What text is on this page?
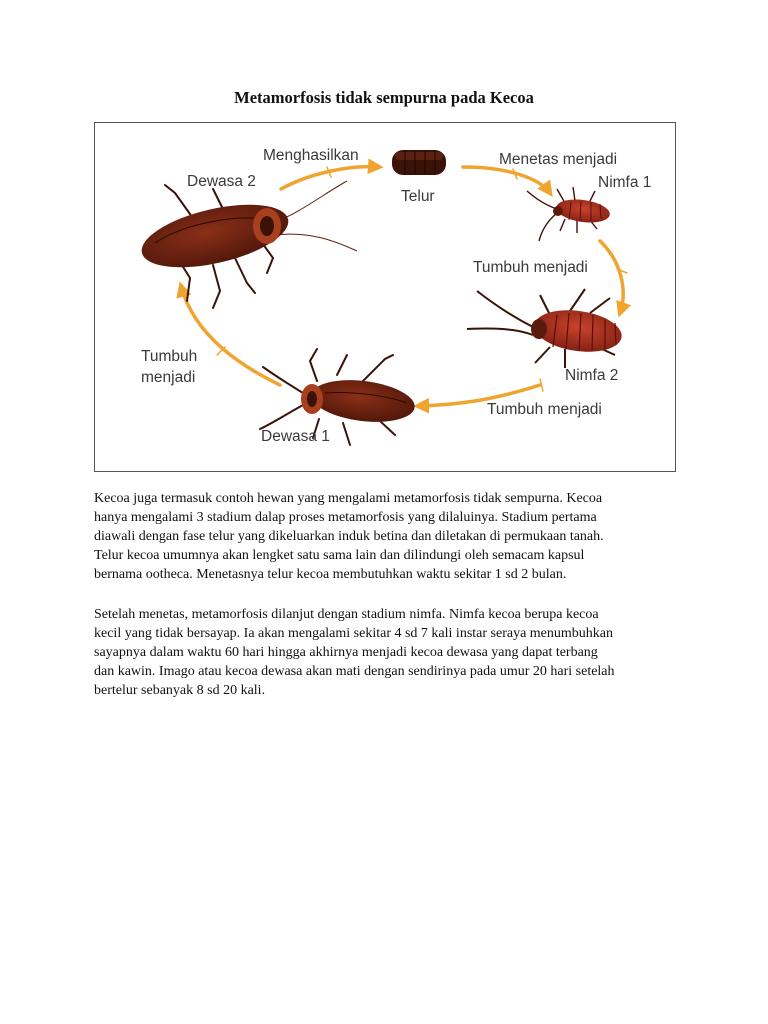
Metamorfosis tidak sempurna pada Kecoa
Menghasilkan
Dewasa 2
Telur
Menetas menjadi
Nimfa 1
Tumbuh menjadi
Nimfa 2
Tumbuh menjadi
Dewasa 1
Tumbuh
menjadi
Kecoa juga termasuk contoh hewan yang mengalami metamorfosis tidak sempurna. Kecoa
hanya mengalami 3 stadium dalap proses metamorfosis yang dilaluinya. Stadium pertama
diawali dengan fase telur yang dikeluarkan induk betina dan diletakan di permukaan tanah.
Telur kecoa umumnya akan lengket satu sama lain dan dilindungi oleh semacam kapsul
bernama ootheca. Menetasnya telur kecoa membutuhkan waktu sekitar 1 sd 2 bulan.
Setelah menetas, metamorfosis dilanjut dengan stadium nimfa. Nimfa kecoa berupa kecoa
kecil yang tidak bersayap. Ia akan mengalami sekitar 4 sd 7 kali instar seraya menumbuhkan
sayapnya dalam waktu 60 hari hingga akhirnya menjadi kecoa dewasa yang dapat terbang
dan kawin. Imago atau kecoa dewasa akan mati dengan sendirinya pada umur 20 hari setelah
bertelur sebanyak 8 sd 20 kali.
